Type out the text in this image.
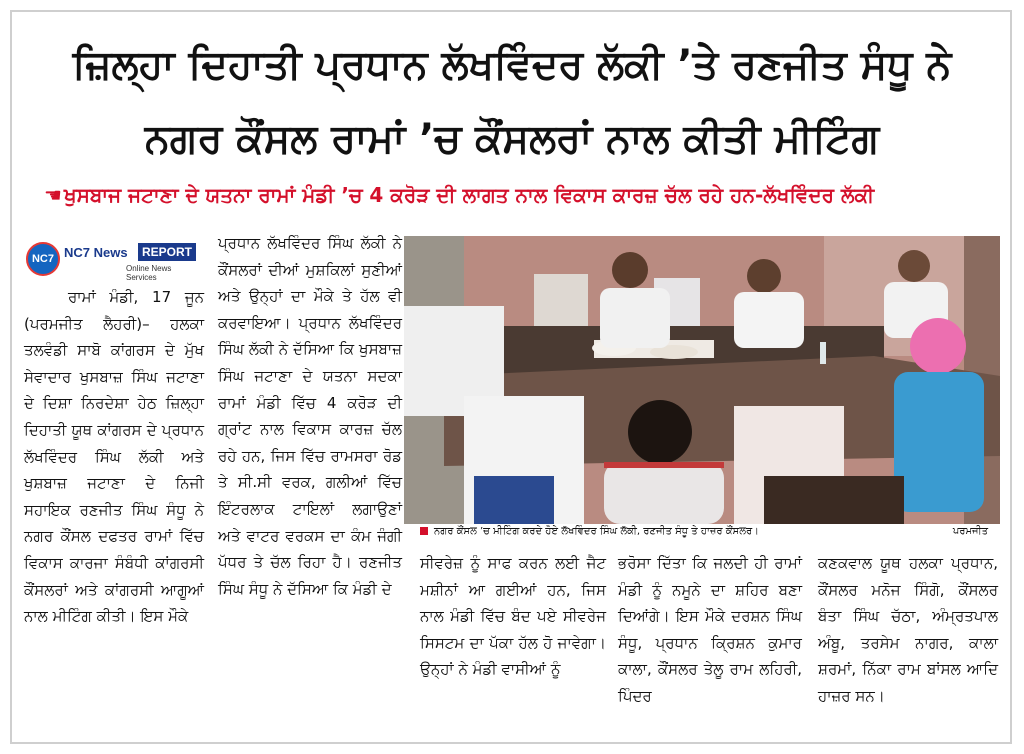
ਜ਼ਿਲ੍ਹਾ ਦਿਹਾਤੀ ਪ੍ਰਧਾਨ ਲੱਖਵਿੰਦਰ ਲੱਕੀ ’ਤੇ ਰਣਜੀਤ ਸੰਧੂ ਨੇ
ਨਗਰ ਕੌਂਸਲ ਰਾਮਾਂ ’ਚ ਕੌਂਸਲਰਾਂ ਨਾਲ ਕੀਤੀ ਮੀਟਿੰਗ
☚ ਖੁਸਬਾਜ ਜਟਾਣਾ ਦੇ ਯਤਨਾ ਰਾਮਾਂ ਮੰਡੀ ’ਚ 4 ਕਰੋੜ ਦੀ ਲਾਗਤ ਨਾਲ ਵਿਕਾਸ ਕਾਰਜ਼ ਚੱਲ ਰਹੇ ਹਨ-ਲੱਖਵਿੰਦਰ ਲੱਕੀ
NC7 NC7 News	REPORT
Online News Services
ਰਾਮਾਂ ਮੰਡੀ, 17 ਜੂਨ (ਪਰਮਜੀਤ ਲੈਹਰੀ)– ਹਲਕਾ ਤਲਵੰਡੀ ਸਾਬੋ ਕਾਂਗਰਸ ਦੇ ਮੁੱਖ ਸੇਵਾਦਾਰ ਖੁਸਬਾਜ਼ ਸਿੰਘ ਜਟਾਣਾ ਦੇ ਦਿਸ਼ਾ ਨਿਰਦੇਸ਼ਾ ਹੇਠ ਜ਼ਿਲ੍ਹਾ ਦਿਹਾਤੀ ਯੂਥ ਕਾਂਗਰਸ ਦੇ ਪ੍ਰਧਾਨ ਲੱਖਵਿੰਦਰ ਸਿੰਘ ਲੱਕੀ ਅਤੇ ਖੁਸ਼ਬਾਜ਼ ਜਟਾਣਾ ਦੇ ਨਿਜੀ ਸਹਾਇਕ ਰਣਜੀਤ ਸਿੰਘ ਸੰਧੂ ਨੇ ਨਗਰ ਕੌਂਸਲ ਦਫਤਰ ਰਾਮਾਂ ਵਿੱਚ ਵਿਕਾਸ ਕਾਰਜਾ ਸੰਬੰਧੀ ਕਾਂਗਰਸੀ ਕੌਂਸਲਰਾਂ ਅਤੇ ਕਾਂਗਰਸੀ ਆਗੂਆਂ ਨਾਲ ਮੀਟਿੰਗ ਕੀਤੀ। ਇਸ ਮੌਕੇ
ਪ੍ਰਧਾਨ ਲੱਖਵਿੰਦਰ ਸਿੰਘ ਲੱਕੀ ਨੇ ਕੌਂਸਲਰਾਂ ਦੀਆਂ ਮੁਸ਼ਕਿਲਾਂ ਸੁਣੀਆਂ ਅਤੇ ਉਨ੍ਹਾਂ ਦਾ ਮੌਕੇ ਤੇ ਹੱਲ ਵੀ ਕਰਵਾਇਆ। ਪ੍ਰਧਾਨ ਲੱਖਵਿੰਦਰ ਸਿੰਘ ਲੱਕੀ ਨੇ ਦੱਸਿਆ ਕਿ ਖੁਸਬਾਜ਼ ਸਿੰਘ ਜਟਾਣਾ ਦੇ ਯਤਨਾ ਸਦਕਾ ਰਾਮਾਂ ਮੰਡੀ ਵਿੱਚ 4 ਕਰੋੜ ਦੀ ਗ੍ਰਾਂਟ ਨਾਲ ਵਿਕਾਸ ਕਾਰਜ਼ ਚੱਲ ਰਹੇ ਹਨ, ਜਿਸ ਵਿੱਚ ਰਾਮਸਰਾ ਰੋਡ ਤੇ ਸੀ.ਸੀ ਵਰਕ, ਗਲੀਆਂ ਵਿੱਚ ਇੰਟਰਲਾਕ ਟਾਇਲਾਂ ਲਗਾਉਣਾਂ ਅਤੇ ਵਾਟਰ ਵਰਕਸ ਦਾ ਕੰਮ ਜੰਗੀ ਪੱਧਰ ਤੇ ਚੱਲ ਰਿਹਾ ਹੈ। ਰਣਜੀਤ ਸਿੰਘ ਸੰਧੂ ਨੇ ਦੱਸਿਆ ਕਿ ਮੰਡੀ ਦੇ
ਨਗਰ ਕੌਂਸਲ ’ਚ ਮੀਟਿੰਗ ਕਰਦੇ ਹੋਏ ਲੱਖਵਿੰਦਰ ਸਿੰਘ ਲੱਕੀ, ਰਣਜੀਤ ਸੰਧੂ ਤੇ ਹਾਜ਼ਰ ਕੌਂਸਲਰ।	ਪਰਮਜੀਤ
ਸੀਵਰੇਜ਼ ਨੂੰ ਸਾਫ ਕਰਨ ਲਈ ਜੈਟ ਮਸ਼ੀਨਾਂ ਆ ਗਈਆਂ ਹਨ, ਜਿਸ ਨਾਲ ਮੰਡੀ ਵਿੱਚ ਬੰਦ ਪਏ ਸੀਵਰੇਜ ਸਿਸਟਮ ਦਾ ਪੱਕਾ ਹੱਲ ਹੋ ਜਾਵੇਗਾ। ਉਨ੍ਹਾਂ ਨੇ ਮੰਡੀ ਵਾਸੀਆਂ ਨੂੰ
ਭਰੋਸਾ ਦਿੱਤਾ ਕਿ ਜਲਦੀ ਹੀ ਰਾਮਾਂ ਮੰਡੀ ਨੂੰ ਨਮੂਨੇ ਦਾ ਸ਼ਹਿਰ ਬਣਾ ਦਿਆਂਗੇ। ਇਸ ਮੌਕੇ ਦਰਸ਼ਨ ਸਿੰਘ ਸੰਧੂ, ਪ੍ਰਧਾਨ ਕ੍ਰਿਸ਼ਨ ਕੁਮਾਰ ਕਾਲਾ, ਕੌਂਸਲਰ ਤੇਲੂ ਰਾਮ ਲਹਿਰੀ, ਪਿੰਦਰ
ਕਣਕਵਾਲ ਯੂਥ ਹਲਕਾ ਪ੍ਰਧਾਨ, ਕੌਂਸਲਰ ਮਨੋਜ ਸਿੰਗੋ, ਕੌਂਸਲਰ ਬੰਤਾ ਸਿੰਘ ਚੱਠਾ, ਅੰਮ੍ਰਤਪਾਲ ਅੰਬੂ, ਤਰਸੇਮ ਨਾਗਰ, ਕਾਲਾ ਸ਼ਰਮਾਂ, ਨਿੱਕਾ ਰਾਮ ਬਾਂਸਲ ਆਦਿ ਹਾਜ਼ਰ ਸਨ।
